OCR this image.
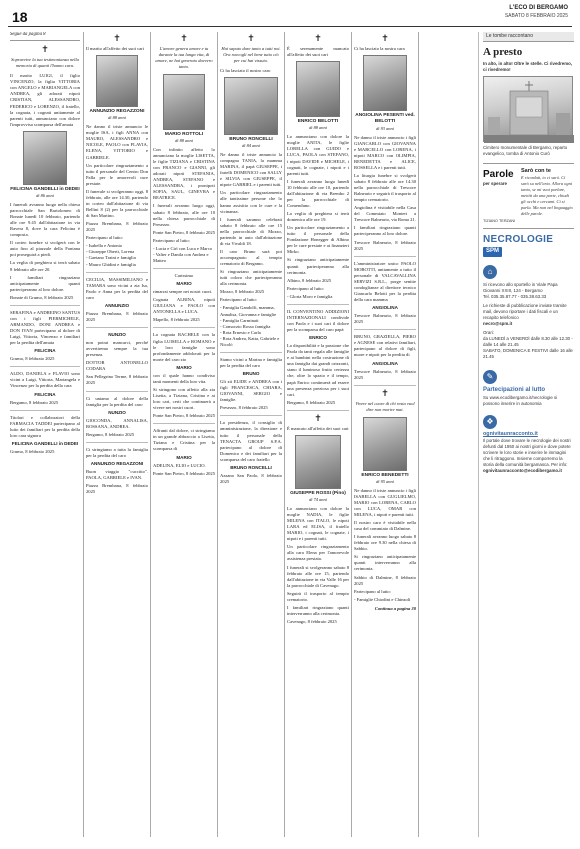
18
L'ECO DI BERGAMO
SABATO 8 FEBBRAIO 2025
Segue da pagina 8
✝
Sopravvive la tua testimonianza nella memoria di quanti l'hanno cara.

Il marito LUIGI, il figlio VINCENZO, la figlia VITTORIA con ANGELO e MARIANGELA con ANDREA, gli adorati nipoti CRISTIAN, ALESSANDRO, FEDERICO e LORENZO, il fratello, la cognata, i cognati unitamente al parenti tutti, annunciano con dolore l'improvvisa scomparsa dell'amata

FELICINA GANDELLI in DEDEI
di 86 anni

I funerali avranno luogo nella chiesa parrocchiale San Bartolomeo di Bonate lunedì 10 febbraio, partendo alle ore 9.45 dall'abitazione in via Ravera 8, dove la cara Felicina è composta.

Il corteo funebre si svolgerà con le auto fino al piazzale della Fontana poi proseguirà a piedi.

La veglia di preghiera si terrà sabato 8 febbraio alle ore 20.

I familiari ringraziano anticipatamente quanti parteciperanno al loro dolore.

Bonate di Grumo, 8 febbraio 2025

SERAFINA e ANDREINO SANTUS con i figli PIERMICHELE, ARMANDO, DONI ANDREA e DON IVAN partecipano al dolore di Luigi, Vittoria, Vincenzo e familiari per la perdita dell'amata

FELICINA

Grumo, 8 febbraio 2025

ALDO, DANIELA e FLAVIO sono vicini a Luigi, Vittoria, Mariangela e Vincenzo per la perdita della cara

FELICINA

Bergamo, 8 febbraio 2025

Titolari e collaboratori della FARMACIA TADDEI partecipano al lutto dei familiari per la perdita della loro cara signora

FELICINA GANDELLI in DEDEI

Grumo, 8 febbraio 2025

✝

Il marito all'affetto dei suoi cari

ANNUNZIO REGAZZONI
di 88 anni

Ne danno il triste annuncio le moglie ISA, i figli ANNA con MAURO, ALESSANDRO e NICOLE, PAOLO con FLAVIA, ELENA, VITTORIO e GABRIELE.

Un particolare ringraziamento a tutto il personale del Centro Don Palla per le amorevoli cure prestate.

Il funerale si svolgeranno oggi, 8 febbraio, alle ore 14.30, partendo in corteo dall'abitazione di via Bellini 8 (2) per la parrocchiale di San Martino.

Piazza Brembana, 8 febbraio 2025

Partecipano al lutto:

- Isabella e Antonio
- Giuseppe Oberti, Lorena
- Gaetano Traini e famiglia
- Mauro Ghidini e famiglia

CECILIA, MASSIMILIANO e TAMARA sono vicini a zia Isa, Paolo e Anna per la perdita del caro

ANNUNZIO

Piazza Brembana, 8 febbraio 2025

NUNZIO

non potrai mancarci, perché avvertiremo sempre la tua presenza.

DOTTOR ANTONELLO CODARA

San Pellegrino Terme, 8 febbraio 2025

Ci uniamo al dolore della famiglia per la perdita del caro

NUNZIO

GIOCONDA, ANNALISA, ROSSANA, ANDREA.

Bergamo, 8 febbraio 2025

Ci stringiamo a tutta la famiglia per la perdita del caro

ANNUNZIO REGAZZONI

Buon viaggio "cuccitto". PAOLA, GABRIELE e IVAN.

Piazza Brembana, 8 febbraio 2025

✝
L'amore genera amore e tu durante la tua lunga vita, di amore, ne hai generato davvero tanto.
MARIO ROTTOLI
di 88 anni

Con infinito affetto lo annunciano la moglie LISETTA, le figlie TIZIANA e CRISTINA con FRANCO e GIANNI, gli adorati nipoti STEFANIA, ANDREA, STEFANO e ALESSANDRA, i pronipoti SOFIA, SAUL, GINEVRA e BEATRICE.

I funerali avranno luogo oggi, sabato 8 febbraio, alle ore 10 nella chiesa parrocchiale di Presezzo.

Ponte San Pietro, 8 febbraio 2025

Partecipano al lutto:

- Lucia e Cirì con Luca e Marco
- Valter e Danila con Andrea e Matteo

Carissimo

MARIO

rimarrai sempre nei nostri cuori.

Cognata ALBINA, nipoti GIULIANA e PAOLO con ANTONELLA e LUCA.

Mapello, 8 febbraio 2025

La cognata RACHELE con la figlia LUISELLA e ROMANO e le loro famiglie sono profondamente addolorati per la morte del caro zio

MARIO

con il quale hanno condiviso tanti momenti della loro vita.

Si stringono con affetto alla zia Lisetta, a Tiziana, Cristina e ai loro cari, certi che continuerà a vivere nei nostri cuori.

Ponte San Pietro, 8 febbraio 2025

Affranti dal dolore, ci stringiamo in un grande abbraccio a Lisetta, Tiziana e Cristina per la scomparsa di

MARIO

ADELINA, ELIO e LUCIO.

Ponte San Pietro, 8 febbraio 2025

✝
Hai saputo dare tanto a tutti noi. Ora raccogli nel bene tutto ciò per cui hai vissuto.

Ci ha lasciato il nostro caro

BRUNO RONCELLI
di 84 anni

Ne danno il triste annuncio la compagna TANIA, la mamma MARINA, il papà GIUSEPPE, i fratelli DOMENICO con SALLY e SILVIA con GIUSEPPE, il nipote GABRIEL e i parenti tutti.

Un particolare ringraziamento alle tantissime persone che lo hanno assistito con le cure e la vicinanza.

I funerali saranno celebrati sabato 8 febbraio alle ore 15 nella parrocchiale di Mozzo, partendo in auto dall'abitazione di via Vivaldi 18.

Il caro Bruno sarà poi accompagnato al tempio crematorio di Bergamo.

Si ringraziano anticipatamente tutti coloro che parteciperanno alla cerimonia.

Mozzo, 8 febbraio 2025

Partecipano al lutto:

- Famiglia Gandolfi, mamma, Annalisa, Giovanna e famiglie
- Famiglia Carminati
- Consorzio Rosso famiglia
- Rota Ernesto e Carla
- Rota Andrea, Katia, Gabriele e Nicolò

Siamo vicini a Marina e famiglia per la perdita del caro

BRUNO

Gli zii ELIDE e ANDREA con i figli FRANCESCA, CHIARA, GIOVANNI, SERGIO e famiglie.

Presezzo, 8 febbraio 2025

La presidenza, il consiglio di amministrazione, la direzione e tutto il personale della TENACTA GROUP S.P.A. partecipano al dolore di Domenico e dei familiari per la scomparsa del caro fratello

BRUNO RONCELLI

Azzano San Paolo, 8 febbraio 2025

✝

È serenamente mancato all'affetto dei suoi cari

ENRICO BELOTTI
di 88 anni

Lo annunciano con dolore la moglie ANITA, le figlie LORELLA con GUIDO e LUCA, PAOLA con STEFANO, i nipoti DAVIDE e MICHELE, i cognati, le cognate, i nipoti e i parenti tutti.

I funerali avranno luogo lunedì 10 febbraio alle ore 10, partendo dall'abitazione di via Brembo 2 per la parrocchiale di Comenduno.

La veglia di preghiera si terrà domenica alle ore 19.

Un particolare ringraziamento a tutto il personale della Fondazione Honegger di Albino per le cure prestate e ai finanzieri Mirko.

Si ringraziano anticipatamente quanti parteciperanno alla cerimonia.

Albino, 8 febbraio 2025

Partecipano al lutto:

- Gloria Moro e famiglia

IL CONVENTINO ADDIZIONI INTERNAZIONALI condivide con Paola e i suoi cari il dolore per la scomparsa del caro papà

ENRICO

La disponibilità e la passione che Paola da tanti regala alle famiglie e ai bambini nella costruzione di una famiglia dai grandi orizzonti, siano il luminoso frutto certezza che, oltre lo spazio e il tempo, papà Enrico continuerà ad essere una presenza preziosa per i suoi cari.

Bergamo, 8 febbraio 2025

✝

È mancato all'affetto dei suoi cari

GIUSEPPE ROSSI (Pino)
di 74 anni

Lo annunciano con dolore la moglie NADIA, le figlie MILENA con ITALO, le nipoti LARA ed ELISA, il fratello MARIO, i cognati, le cognate, i nipoti e i parenti tutti.

Un particolare ringraziamento alla cara Elena per l'amorevole assistenza prestata.

I funerali si svolgeranno sabato 8 febbraio alle ore 15, partendo dall'abitazione in via Valle 16 per la parrocchiale di Cavenago.

Seguirà il trasporto al tempio crematorio.

I familiari ringraziano quanti interverranno alla cerimonia.

Cavenago, 8 febbraio 2025

✝

Ci ha lasciato la nostra cara

ANGIOLINA PESENTI ved. BELOTTI
di 93 anni

Ne danno il triste annuncio i figli GIANCARLO con GIOVANNA e MARCELLO con LORENA, i nipoti MARCO con OLIMPIA, BENEDETTA e ALICE, ROSSELLA e i parenti tutti.

La liturgia funebre si svolgerà sabato 8 febbraio alle ore 14.30 nella parrocchiale di Trescore Balneario e seguirà il trasporto al tempio crematorio.

Angiolina è visitabile nella Casa del Commiato Monteri a Trescore Balneario, via Roma 21.

I familiari ringraziano quanti parteciperanno al loro dolore.

Trescore Balneario, 8 febbraio 2025

L'amministratore unico PAOLO MOBOTTI, unitamente a tutto il personale di VALCAVALLINA SERVIZI S.R.L., porge sentite condoglianze al direttore tecnico Giancarlo Belotti per la perdita della cara mamma

ANGIOLINA

Trescore Balneario, 8 febbraio 2025

BRUNO, GRAZIELLA, PIERO e AGNESE con relativi familiari, partecipano al dolore di figli, nuore e nipoti per la perdita di

ANGIOLINA

Trescore Balneario, 8 febbraio 2025

✝
Vivere nel cuore di chi resta vuol dire non morire mai.
ENRICO BENEDETTI
di 95 anni

Ne danno il triste annuncio i figli ISABELLA con GUGLIELMO, MARIO con LORENA, CARLO con LUCA, OMAR con MILENA, i nipoti e parenti tutti.

Il nostro caro è visitabile nella casa del commiato di Dalmine.

I funerali avranno luogo sabato 8 febbraio ore 9.30 nella chiesa di Sabbio.

Si ringraziano anticipatamente quanti interverranno alla cerimonia.

Sabbio di Dalmine, 8 febbraio 2025

Partecipano al lutto:

- Famiglie Chiodini e Chinzoli

Continua a pagina 30

Le tombe raccontano
A presto
In alto, in alto! Oltre le stelle. Ci rivedremo, ci rivedremo!
Cimitero monumentale di Bergamo, reparto evangelico, tomba di Antonio Curò
Parole
per sperare
Sarò con te
E ricordati, io ci sarò. Ci sarò su nell'aria. Allora ogni tanto, se mi vuoi parlare, mettiti da una parte, chiudi gli occhi e cercami. Ci si parla. Ma non nel linguaggio delle parole.
TIZIANO TERZANI
NECROLOGIE
SPM
⌂
Si ricevono allo sportello in Viale Papa Giovanni XXIII, 124 - Bergamo
Tel. 035.35.87.77 - 035.38.63.33
Le richieste di pubblicazione inviate tramite mail, devono riportare i dati fiscali e un recapito telefonico
necro@spm.it
Orari:
da LUNEDÌ a VENERDÌ dalle 8.30 alle 12.30 - dalle 14 alle 21.45
SABATO, DOMENICA E FESTIVI dalle 16 alle 21.45
✎
Partecipazioni al lutto
Su www.ecodibergamo.it/necrologie si possono inserire in autonomia
❖
ognivitaunracconto.it
Il portale dove trovare le necrologie dei nostri defunti dal 1950 ai nostri giorni e dove potete scrivere le loro storie e inserire le immagini che li ritraggono. Insieme comporremo la storia della comunità bergamasca. Per info:
ognivitaunracconto@ecodibergamo.it
